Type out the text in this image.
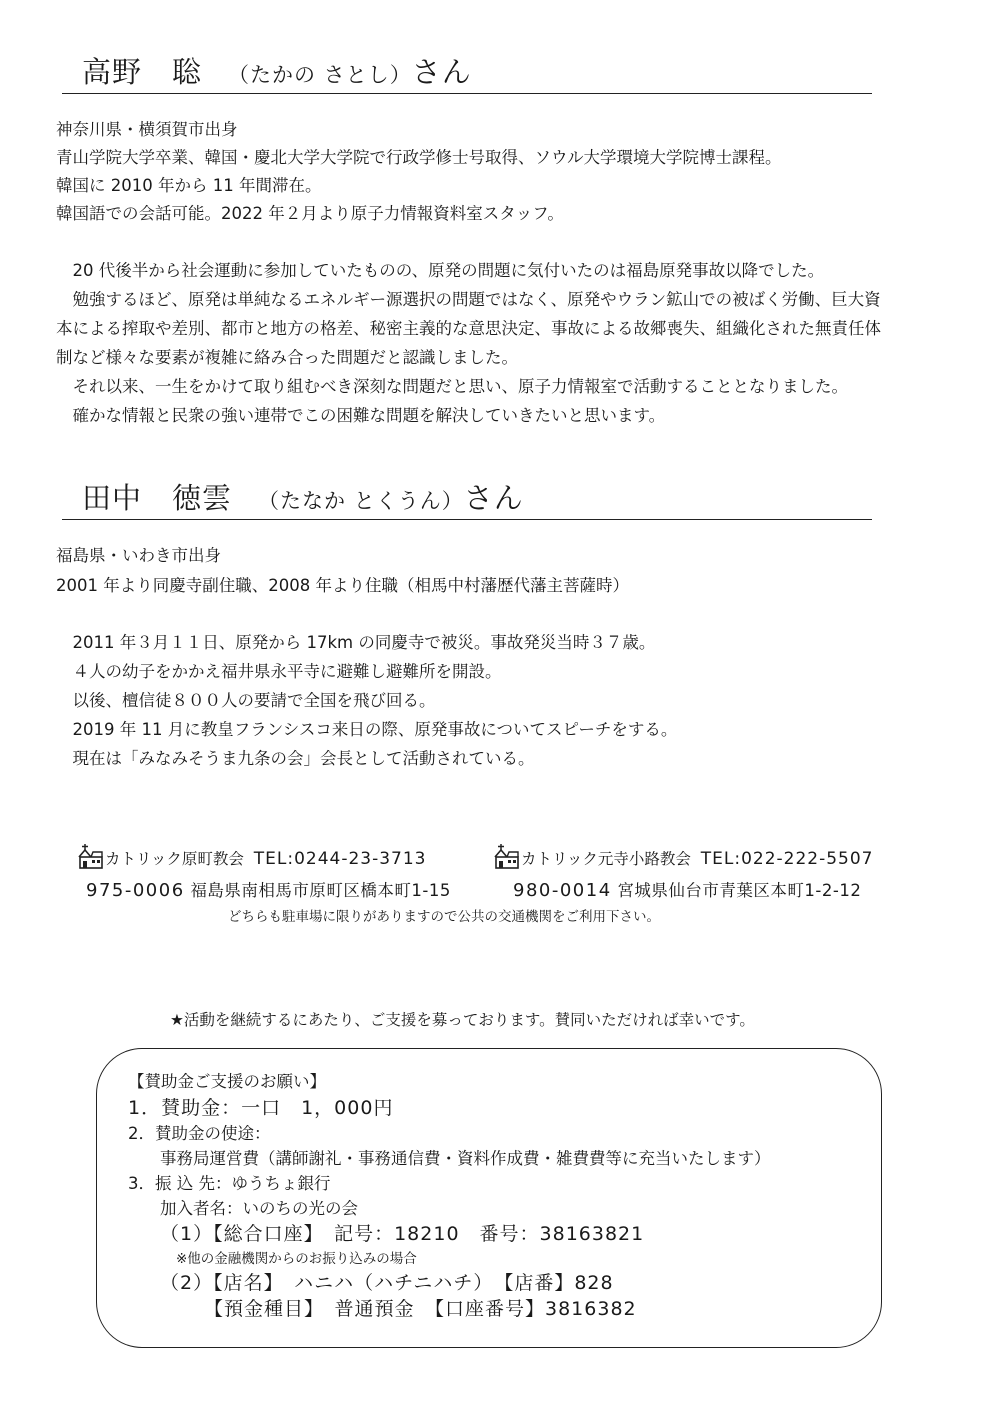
高野　聡 （たかの さとし）さん
神奈川県・横須賀市出身
青山学院大学卒業、韓国・慶北大学大学院で行政学修士号取得、ソウル大学環境大学院博士課程。
韓国に 2010 年から 11 年間滞在。
韓国語での会話可能。2022 年２月より原子力情報資料室スタッフ。
　20 代後半から社会運動に参加していたものの、原発の問題に気付いたのは福島原発事故以降でした。
　勉強するほど、原発は単純なるエネルギー源選択の問題ではなく、原発やウラン鉱山での被ばく労働、巨大資
本による搾取や差別、都市と地方の格差、秘密主義的な意思決定、事故による故郷喪失、組織化された無責任体
制など様々な要素が複雑に絡み合った問題だと認識しました。
　それ以来、一生をかけて取り組むべき深刻な問題だと思い、原子力情報室で活動することとなりました。
　確かな情報と民衆の強い連帯でこの困難な問題を解決していきたいと思います。
田中　徳雲 （たなか とくうん）さん
福島県・いわき市出身
2001 年より同慶寺副住職、2008 年より住職（相馬中村藩歴代藩主菩薩時）
　2011 年３月１１日、原発から 17km の同慶寺で被災。事故発災当時３７歳。
　４人の幼子をかかえ福井県永平寺に避難し避難所を開設。
　以後、檀信徒８００人の要請で全国を飛び回る。
　2019 年 11 月に教皇フランシスコ来日の際、原発事故についてスピーチをする。
　現在は「みなみそうま九条の会」会長として活動されている。
カトリック原町教会 TEL:0244-23-3713	カトリック元寺小路教会 TEL:022-222-5507
975-0006 福島県南相馬市原町区橋本町1-15	980-0014 宮城県仙台市青葉区本町1-2-12
どちらも駐車場に限りがありますので公共の交通機関をご利用下さい。
★活動を継続するにあたり、ご支援を募っております。賛同いただければ幸いです。
【賛助金ご支援のお願い】
1．賛助金：一口　1，000円
2．賛助金の使途：
事務局運営費（講師謝礼・事務通信費・資料作成費・雑費費等に充当いたします）
3．振 込 先：ゆうちょ銀行
加入者名：いのちの光の会
（1）【総合口座】　記号：18210　番号：38163821
※他の金融機関からのお振り込みの場合
（2）【店名】　ハニハ（ハチニハチ）　【店番】828
【預金種目】　普通預金　【口座番号】3816382
